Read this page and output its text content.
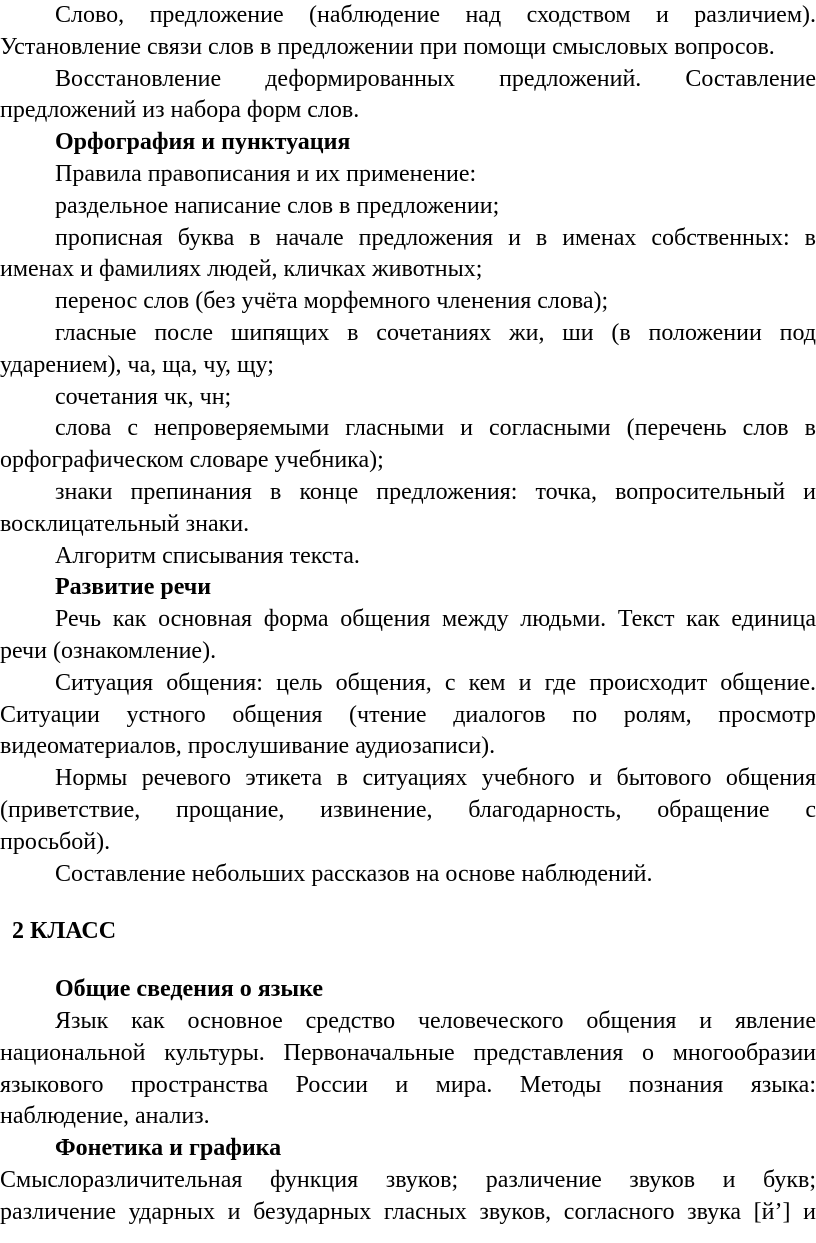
Слово, предложение (наблюдение над сходством и различием).
Установление связи слов в предложении при помощи смысловых вопросов.
Восстановление деформированных предложений. Составление
предложений из набора форм слов.
Орфография и пунктуация
Правила правописания и их применение:
раздельное написание слов в предложении;
прописная буква в начале предложения и в именах собственных: в
именах и фамилиях людей, кличках животных;
перенос слов (без учёта морфемного членения слова);
гласные после шипящих в сочетаниях жи, ши (в положении под
ударением), ча, ща, чу, щу;
сочетания чк, чн;
слова с непроверяемыми гласными и согласными (перечень слов в
орфографическом словаре учебника);
знаки препинания в конце предложения: точка, вопросительный и
восклицательный знаки.
Алгоритм списывания текста.
Развитие речи
Речь как основная форма общения между людьми. Текст как единица
речи (ознакомление).
Ситуация общения: цель общения, с кем и где происходит общение.
Ситуации устного общения (чтение диалогов по ролям, просмотр
видеоматериалов, прослушивание аудиозаписи).
Нормы речевого этикета в ситуациях учебного и бытового общения
(приветствие, прощание, извинение, благодарность, обращение с
просьбой).
Составление небольших рассказов на основе наблюдений.
2 КЛАСС
Общие сведения о языке
Язык как основное средство человеческого общения и явление
национальной культуры. Первоначальные представления о многообразии
языкового пространства России и мира. Методы познания языка:
наблюдение, анализ.
Фонетика и графика
Смыслоразличительная функция звуков; различение звуков и букв;
различение ударных и безударных гласных звуков, согласного звука [й’] и
